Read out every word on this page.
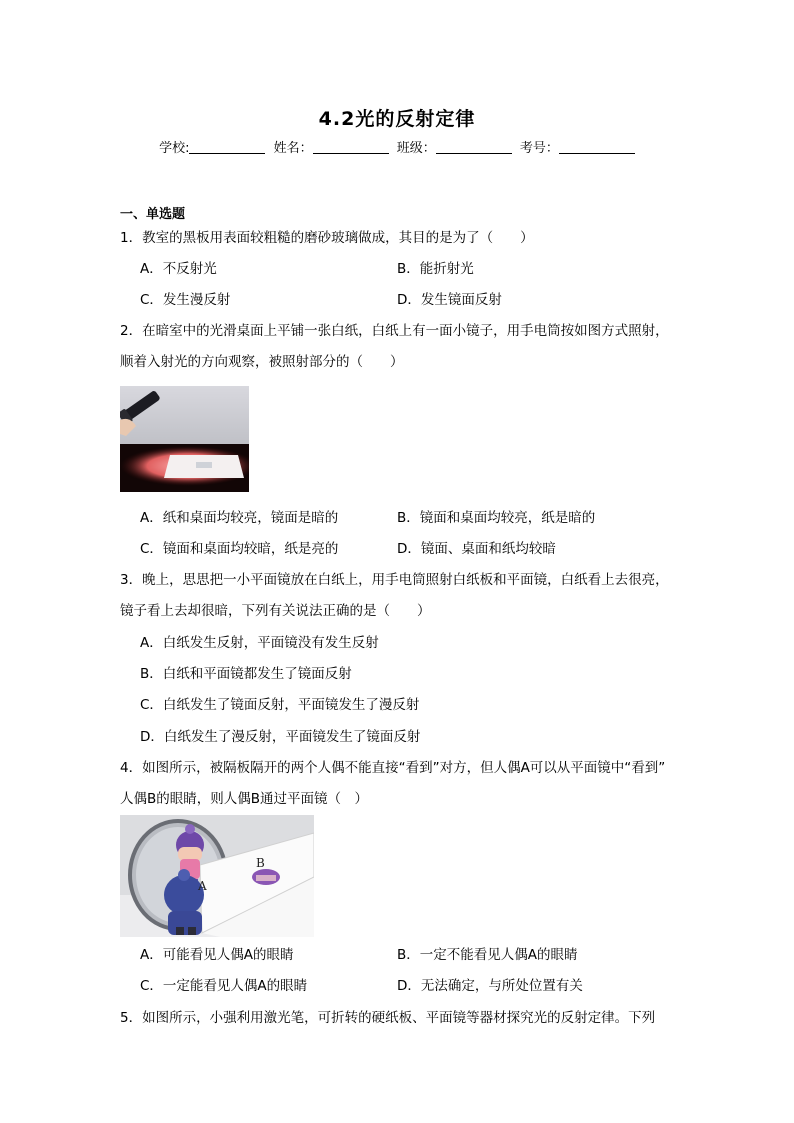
4.2光的反射定律
学校:	姓名：	班级：	考号：
一、单选题
1．教室的黑板用表面较粗糙的磨砂玻璃做成，其目的是为了（　　）
A．不反射光	B．能折射光
C．发生漫反射	D．发生镜面反射
2．在暗室中的光滑桌面上平铺一张白纸，白纸上有一面小镜子，用手电筒按如图方式照射，
顺着入射光的方向观察，被照射部分的（　　）
A．纸和桌面均较亮，镜面是暗的	B．镜面和桌面均较亮，纸是暗的
C．镜面和桌面均较暗，纸是亮的	D．镜面、桌面和纸均较暗
3．晚上，思思把一小平面镜放在白纸上，用手电筒照射白纸板和平面镜，白纸看上去很亮，
镜子看上去却很暗，下列有关说法正确的是（　　）
A．白纸发生反射，平面镜没有发生反射
B．白纸和平面镜都发生了镜面反射
C．白纸发生了镜面反射，平面镜发生了漫反射
D．白纸发生了漫反射，平面镜发生了镜面反射
4．如图所示，被隔板隔开的两个人偶不能直接“看到”对方，但人偶A可以从平面镜中“看到”
人偶B的眼睛，则人偶B通过平面镜（　）
A
B
A．可能看见人偶A的眼睛	B．一定不能看见人偶A的眼睛
C．一定能看见人偶A的眼睛	D．无法确定，与所处位置有关
5．如图所示，小强利用激光笔，可折转的硬纸板、平面镜等器材探究光的反射定律。下列
